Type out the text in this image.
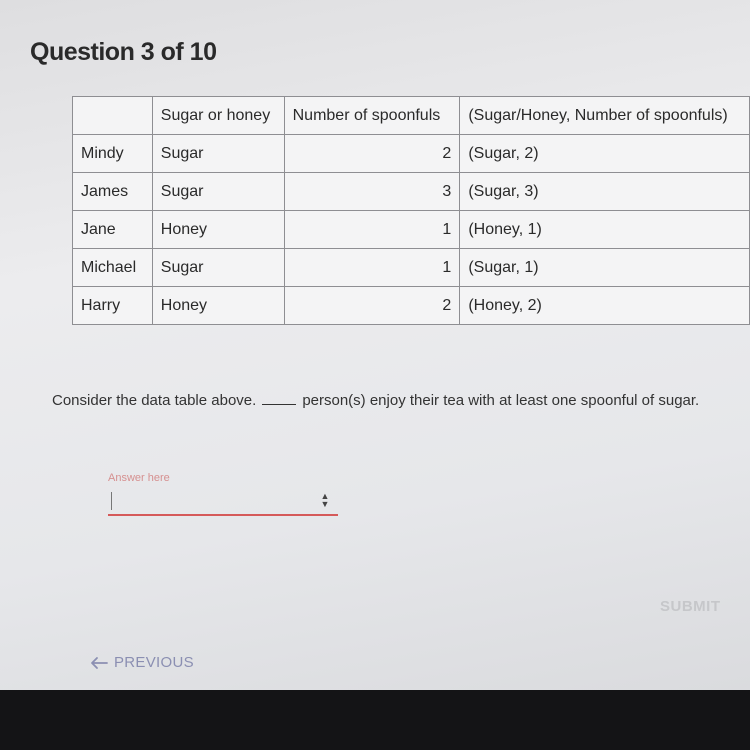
Question 3 of 10
	Sugar or honey	Number of spoonfuls	(Sugar/Honey, Number of spoonfuls)
Mindy	Sugar	2	(Sugar, 2)
James	Sugar	3	(Sugar, 3)
Jane	Honey	1	(Honey, 1)
Michael	Sugar	1	(Sugar, 1)
Harry	Honey	2	(Honey, 2)
Consider the data table above.	person(s) enjoy their tea with at least one spoonful of sugar.
Answer here
▲
▼
SUBMIT
PREVIOUS
